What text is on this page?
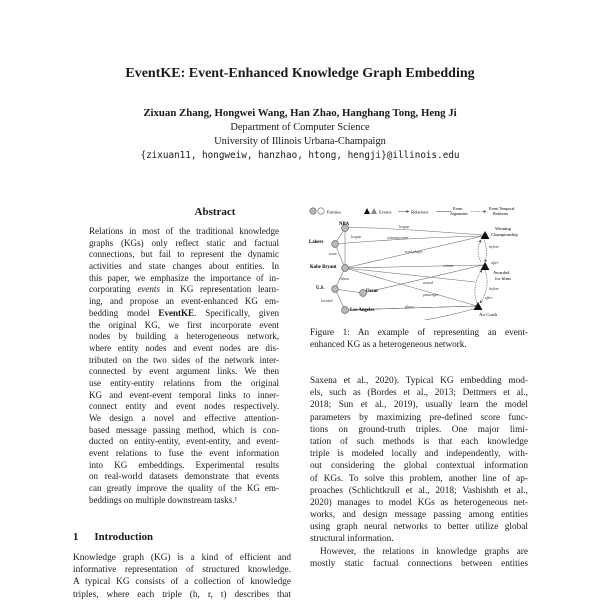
EventKE: Event-Enhanced Knowledge Graph Embedding
Zixuan Zhang, Hongwei Wang, Han Zhao, Hanghang Tong, Heng Ji
Department of Computer Science
University of Illinois Urbana-Champaign
{zixuan11, hongweiw, hanzhao, htong, hengji}@illinois.edu
Abstract
Relations in most of the traditional knowledge
graphs (KGs) only reflect static and factual
connections, but fail to represent the dynamic
activities and state changes about entities. In
this paper, we emphasize the importance of in-
corporating events in KG representation learn-
ing, and propose an event-enhanced KG em-
bedding model EventKE. Specifically, given
the original KG, we first incorporate event
nodes by building a heterogeneous network,
where entity nodes and event nodes are dis-
tributed on the two sides of the network inter-
connected by event argument links. We then
use entity-entity relations from the original
KG and event-event temporal links to inner-
connect entity and event nodes respectively.
We design a novel and effective attention-
based message passing method, which is con-
ducted on entity-entity, event-entity, and event-
event relations to fuse the event information
into KG embeddings. Experimental results
on real-world datasets demonstrate that events
can greatly improve the quality of the KG em-
beddings on multiple downstream tasks.¹
1 Introduction
Knowledge graph (KG) is a kind of efficient and
informative representation of structured knowledge.
A typical KG consists of a collection of knowledge
triples, where each triple (h, r, t) describes that
Entities	Events	Relations
Event Arguments
Event Temporal Relations
NBA
Lakers
Kobe Bryant
U.S.
Oscar
Los Angeles
Winning Championship
Awarded for films
Air Crash
league
team
citizen
located
winning team
trail player
winner
award
passenger
place
league
before
after
before
after
Figure 1: An example of representing an event-
enhanced KG as a heterogeneous network.
Saxena et al., 2020). Typical KG embedding mod-
els, such as (Bordes et al., 2013; Dettmers et al.,
2018; Sun et al., 2019), usually learn the model
parameters by maximizing pre-defined score func-
tions on ground-truth triples. One major limi-
tation of such methods is that each knowledge
triple is modeled locally and independently, with-
out considering the global contextual information
of KGs. To solve this problem, another line of ap-
proaches (Schlichtkrull et al., 2018; Vashishth et al.,
2020) manages to model KGs as heterogeneous net-
works, and design message passing among entities
using graph neural networks to better utilize global
structural information.
However, the relations in knowledge graphs are
mostly static factual connections between entities
